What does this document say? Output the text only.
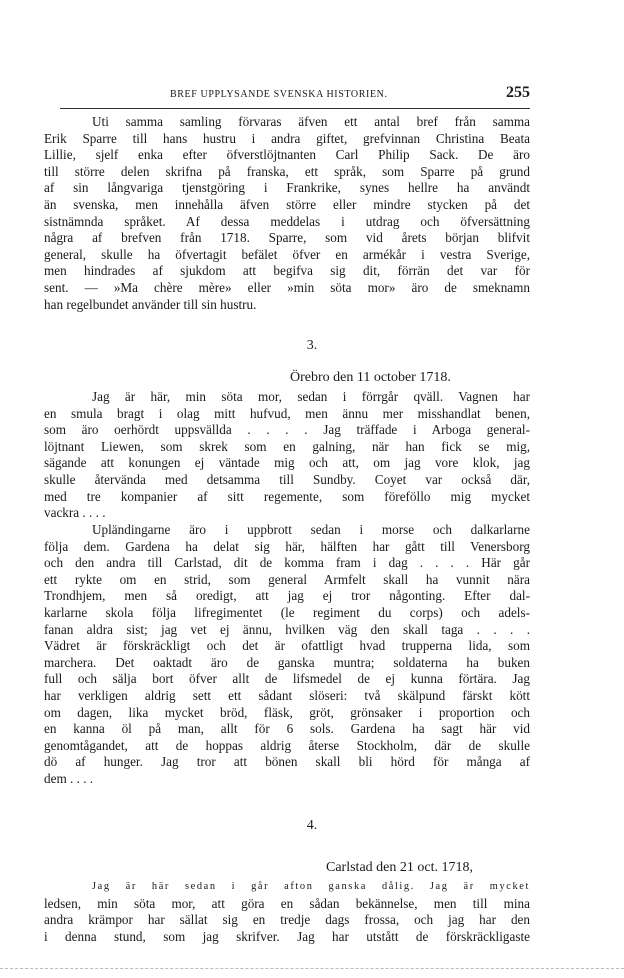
BREF UPPLYSANDE SVENSKA HISTORIEN.	255
Uti samma samling förvaras äfven ett antal bref från samma
Erik Sparre till hans hustru i andra giftet, grefvinnan Christina Beata
Lillie, sjelf enka efter öfverstlöjtnanten Carl Philip Sack. De äro
till större delen skrifna på franska, ett språk, som Sparre på grund
af sin långvariga tjenstgöring i Frankrike, synes hellre ha användt
än svenska, men innehålla äfven större eller mindre stycken på det
sistnämnda språket. Af dessa meddelas i utdrag och öfversättning
några af brefven från 1718. Sparre, som vid årets början blifvit
general, skulle ha öfvertagit befälet öfver en armékår i vestra Sverige,
men hindrades af sjukdom att begifva sig dit, förrän det var för
sent. — »Ma chère mère» eller »min söta mor» äro de smeknamn
han regelbundet använder till sin hustru.
3.
Örebro den 11 october 1718.
Jag är här, min söta mor, sedan i förrgår qväll. Vagnen har
en smula bragt i olag mitt hufvud, men ännu mer misshandlat benen,
som äro oerhördt uppsvällda . . . . Jag träffade i Arboga general-
löjtnant Liewen, som skrek som en galning, när han fick se mig,
sägande att konungen ej väntade mig och att, om jag vore klok, jag
skulle återvända med detsamma till Sundby. Coyet var också där,
med tre kompanier af sitt regemente, som föreföllo mig mycket
vackra . . . .
Upländingarne äro i uppbrott sedan i morse och dalkarlarne
följa dem. Gardena ha delat sig här, hälften har gått till Venersborg
och den andra till Carlstad, dit de komma fram i dag . . . . Här går
ett rykte om en strid, som general Armfelt skall ha vunnit nära
Trondhjem, men så oredigt, att jag ej tror någonting. Efter dal-
karlarne skola följa lifregimentet (le regiment du corps) och adels-
fanan aldra sist; jag vet ej ännu, hvilken väg den skall taga . . . .
Vädret är förskräckligt och det är ofattligt hvad trupperna lida, som
marchera. Det oaktadt äro de ganska muntra; soldaterna ha buken
full och sälja bort öfver allt de lifsmedel de ej kunna förtära. Jag
har verkligen aldrig sett ett sådant slöseri: två skälpund färskt kött
om dagen, lika mycket bröd, fläsk, gröt, grönsaker i proportion och
en kanna öl på man, allt för 6 sols. Gardena ha sagt här vid
genomtågandet, att de hoppas aldrig återse Stockholm, där de skulle
dö af hunger. Jag tror att bönen skall bli hörd för många af
dem . . . .
4.
Carlstad den 21 oct. 1718,
Jag är här sedan i går afton ganska dålig. Jag är mycket
ledsen, min söta mor, att göra en sådan bekännelse, men till mina
andra krämpor har sällat sig en tredje dags frossa, och jag har den
i denna stund, som jag skrifver. Jag har utstått de förskräckligaste
